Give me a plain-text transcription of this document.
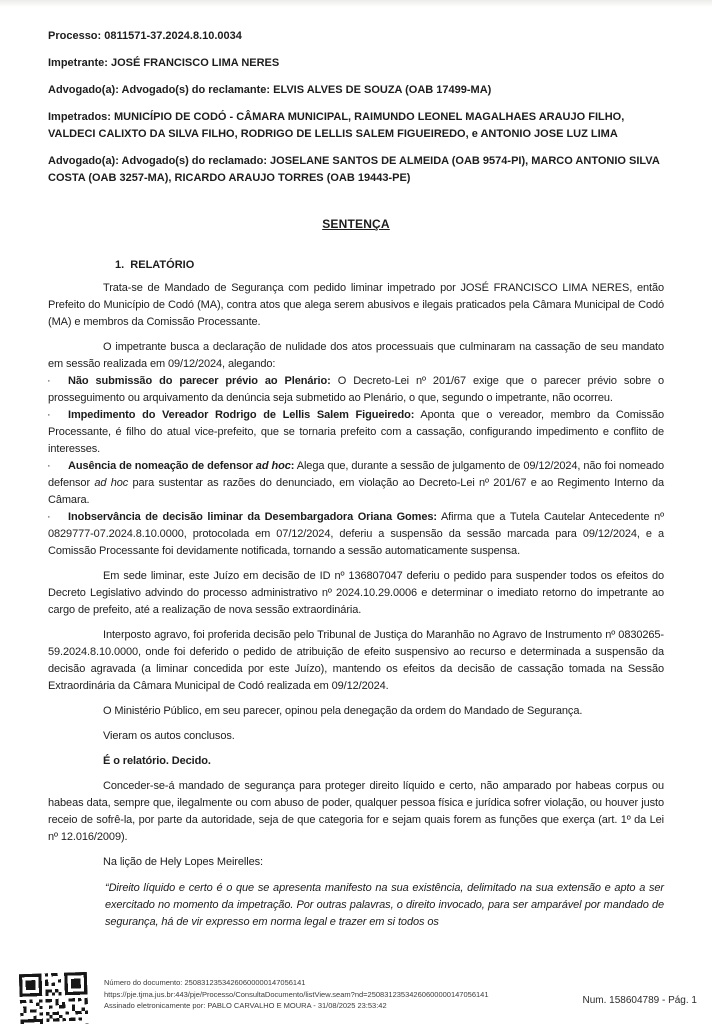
Processo: 0811571-37.2024.8.10.0034

Impetrante: JOSÉ FRANCISCO LIMA NERES

Advogado(a): Advogado(s) do reclamante: ELVIS ALVES DE SOUZA (OAB 17499-MA)

Impetrados: MUNICÍPIO DE CODÓ - CÂMARA MUNICIPAL, RAIMUNDO LEONEL MAGALHAES ARAUJO FILHO, VALDECI CALIXTO DA SILVA FILHO, RODRIGO DE LELLIS SALEM FIGUEIREDO, e ANTONIO JOSE LUZ LIMA

Advogado(a): Advogado(s) do reclamado: JOSELANE SANTOS DE ALMEIDA (OAB 9574-PI), MARCO ANTONIO SILVA COSTA (OAB 3257-MA), RICARDO ARAUJO TORRES (OAB 19443-PE)

SENTENÇA
1.  RELATÓRIO

Trata-se de Mandado de Segurança com pedido liminar impetrado por JOSÉ FRANCISCO LIMA NERES, então Prefeito do Município de Codó (MA), contra atos que alega serem abusivos e ilegais praticados pela Câmara Municipal de Codó (MA) e membros da Comissão Processante.

O impetrante busca a declaração de nulidade dos atos processuais que culminaram na cassação de seu mandato em sessão realizada em 09/12/2024, alegando:

· Não submissão do parecer prévio ao Plenário: O Decreto-Lei nº 201/67 exige que o parecer prévio sobre o prosseguimento ou arquivamento da denúncia seja submetido ao Plenário, o que, segundo o impetrante, não ocorreu.

· Impedimento do Vereador Rodrigo de Lellis Salem Figueiredo: Aponta que o vereador, membro da Comissão Processante, é filho do atual vice-prefeito, que se tornaria prefeito com a cassação, configurando impedimento e conflito de interesses.

· Ausência de nomeação de defensor ad hoc: Alega que, durante a sessão de julgamento de 09/12/2024, não foi nomeado defensor ad hoc para sustentar as razões do denunciado, em violação ao Decreto-Lei nº 201/67 e ao Regimento Interno da Câmara.

· Inobservância de decisão liminar da Desembargadora Oriana Gomes: Afirma que a Tutela Cautelar Antecedente nº 0829777-07.2024.8.10.0000, protocolada em 07/12/2024, deferiu a suspensão da sessão marcada para 09/12/2024, e a Comissão Processante foi devidamente notificada, tornando a sessão automaticamente suspensa.

Em sede liminar, este Juízo em decisão de ID nº 136807047 deferiu o pedido para suspender todos os efeitos do Decreto Legislativo advindo do processo administrativo nº 2024.10.29.0006 e determinar o imediato retorno do impetrante ao cargo de prefeito, até a realização de nova sessão extraordinária.

Interposto agravo, foi proferida decisão pelo Tribunal de Justiça do Maranhão no Agravo de Instrumento nº 0830265-59.2024.8.10.0000, onde foi deferido o pedido de atribuição de efeito suspensivo ao recurso e determinada a suspensão da decisão agravada (a liminar concedida por este Juízo), mantendo os efeitos da decisão de cassação tomada na Sessão Extraordinária da Câmara Municipal de Codó realizada em 09/12/2024.

O Ministério Público, em seu parecer, opinou pela denegação da ordem do Mandado de Segurança.

Vieram os autos conclusos.

É o relatório. Decido.

Conceder-se-á mandado de segurança para proteger direito líquido e certo, não amparado por habeas corpus ou habeas data, sempre que, ilegalmente ou com abuso de poder, qualquer pessoa física e jurídica sofrer violação, ou houver justo receio de sofrê-la, por parte da autoridade, seja de que categoria for e sejam quais forem as funções que exerça (art. 1º da Lei nº 12.016/2009).

Na lição de Hely Lopes Meirelles:

“Direito líquido e certo é o que se apresenta manifesto na sua existência, delimitado na sua extensão e apto a ser exercitado no momento da impetração. Por outras palavras, o direito invocado, para ser amparável por mandado de segurança, há de vir expresso em norma legal e trazer em si todos os

Número do documento: 25083123534260600000147056141

https://pje.tjma.jus.br:443/pje/Processo/ConsultaDocumento/listView.seam?nd=25083123534260600000147056141

Assinado eletronicamente por: PABLO CARVALHO E MOURA - 31/08/2025 23:53:42	Num. 158604789 - Pág. 1
